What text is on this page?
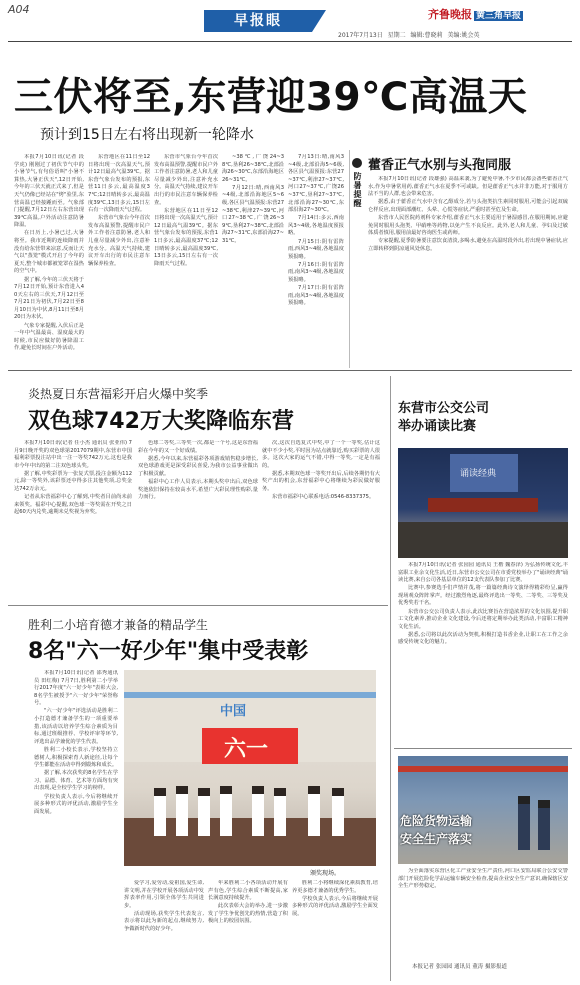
A04
早报眼	齐鲁晚报 黄三角早报
2017年7月13日 星期二 编辑:曹晓莉 美编:姚会英
三伏将至,东营迎39℃高温天
预计到15日左右将出现新一轮降水

本报7月10日讯(记者 段学虎) 刚刚过了初伏节气中的小暑节气,有句俗语叫"小暑不算热,大暑正伏天",12日开始,今年的三伏天就正式来了,但是天气仍像已经站在"烤"验里,东营高温已经接踵而至。气象部门提醒,7月12日左右东营出现39℃高温,户外活动注意防暑降温。

在日历上,小暑已过,大暑将至。我市近期的连续降雨并没有给东营带来凉意,反而让天气以"蒸笼"模式开启了今年的夏天,整个城市都被笼罩在湿热的空气中。

据了解,今年的三伏天将于7月12日开始,预计东营进入40天左右的三伏天,7月12日至7月21日为初伏,7月22日至8月10日为中伏,8月11日至8月20日为末伏。

气象专家提醒,入伏后正是一年中气温最高、湿度最大的时候,市民应做好防暑降温工作,避免长时间在户外活动。

东营地区在11日至12日将出现一次高温天气,预计12日最高气温39℃。据东营气象台发布的预报,东营11日多云,最高温度37℃;12日晴转多云,最高温度39℃,13日多云,15日左右有一次降雨天气过程。

东营市气象台今年首次发布高温预警,提醒市民户外工作者注意防暑,老人和儿童尽量减少外出,注意补充水分。高温天气持续,建议开车出行的市民注意车辆保养检查。

东营市气象台今年首次发布高温预警,提醒市民户外工作者注意防暑,老人和儿童尽量减少外出,注意补充水分。高温天气持续,建议开车出行的市民注意车辆保养检查。

东营地区在11日至12日将出现一次高温天气,预计12日最高气温39℃。据东营气象台发布的预报,东营11日多云,最高温度37℃;12日晴转多云,最高温度39℃,13日多云,15日左右有一次降雨天气过程。

~38℃,广饶24~38℃,垦利26~38℃,北部沿海26~30℃,东部沿海地区26~31℃。

7月12日:晴,西南风3~4级,北部沿海地区5~6级,各区县气温预报:东营27~38℃,利津27~39℃,河口27~38℃,广饶26~39℃,垦利27~38℃,北部沿海27~31℃,东部沿海27~31℃。

7月13日:晴,南风3~4级,北部沿海5~6级,各区县气温预报:东营27~37℃,利津27~37℃,河口27~37℃,广饶26~37℃,垦利27~37℃,北部沿海27~30℃,东部沿海27~30℃。

7月14日:多云,西南风3~4级,各地温度预报略。

7月15日:阴有雷阵雨,西风3~4级,各地温度预报略。

7月16日:阴有雷阵雨,南风3~4级,各地温度预报略。

7月17日:阴有雷阵雨,南风3~4级,各地温度预报略。

防暑提醒
藿香正气水别与头孢同服

本报7月10日讯(记者 段雄强) 高温来袭,为了避免中暑,不少市民都会备些藿香正气水,作为中暑常用药,藿香正气水在夏季不可或缺。但是藿香正气水并非万能,对于服用方法不当的人群,也会带来危害。

据悉,由于藿香正气水中含有乙醇成分,若与头孢类抗生素同时服用,可能会引起双硫仑样反应,出现面部潮红、头晕、心慌等症状,严重时甚至危及生命。

东营市人民医院药剂科专家介绍,藿香正气水主要适用于暑湿感冒,在服用期间,应避免同时服用头孢类、甲硝唑等药物,以免产生不良反应。此外,老人和儿童、孕妇及过敏体质者慎用,服用前最好咨询医生或药师。

专家提醒,夏季防暑要注意饮食清淡,多喝水,避免在高温时段外出,若出现中暑症状,应立即转移到阴凉通风处休息。

炎热夏日东营福彩开启火爆中奖季
双色球742万大奖降临东营

本报7月10日讯(记者 任小杰 通讯员 张亚伟) 7月9日晚开奖的双色球第2017079期中,东营市中国福利彩票投注站中出一注一等奖742万元,这也是我市今年中出的第二注双色球头奖。

据了解,中奖彩票为一张复式票,投注金额为112元,除一等奖外,该彩票还中得多注其他奖项,总奖金达742万余元。

记者从东营福彩中心了解到,中奖者目前尚未前来领奖。福彩中心提醒,双色球一等奖需在开奖之日起60天内兑奖,逾期未兑奖视为弃奖。

色球二等奖,三等奖一次,都是一个号,这是东营福彩在今年的又一个好成绩。

据悉,今年以来,东营福彩各项游戏销售稳步增长,双色球游戏更是深受彩民喜爱,为我市公益事业做出了积极贡献。

福彩中心工作人员表示,本期头奖中出后,双色球奖池依旧保持在较高水平,希望广大彩民理性购彩,量力而行。

次,这次自选复式中奖,中了一个一等奖,估计这就中不少小奖,平时因为站点就靠近,购买彩票的人很多。这次大家的运气不错,中得一等奖,一定是有福的。

据悉,本期双色球一等奖开出后,后续各期仍有大奖产出的机会,东营福彩中心将继续为彩民做好服务。

东营市福彩中心联系电话:0546-8337375。

胜利二小培育德才兼备的精品学生
8名"六一好少年"集中受表彰

本报7月10日讯(记者 邵秀通讯员 田红梅) 7月7日,胜利第二小学举行2017年度"六一好少年"表彰大会,8名学生被授予"六一好少年"荣誉称号。

"六一好少年"评选活动是胜利二小打造德才兼备学生的一项重要举措,该活动以培养学生综合素质为目标,通过班级推荐、学校评审等环节,评选出品学兼优的学生代表。

胜利二小校长表示,学校坚持立德树人,积极探索育人新途径,让每个学生都能在活动中得到锻炼和成长。

据了解,本次获奖的8名学生在学习、品德、体育、艺术等方面均有突出表现,是全校学生学习的榜样。

学校负责人表示,今后将继续开展多种形式的评优活动,激励学生全面发展。

中国
六一
颁奖现场。

爱学习,爱劳动,爱祖国,爱生命,讲文明,并在学校开展各项活动中发挥表率作用,引领全体学生共同进步。

活动现场,获奖学生代表发言,表示将以此为新的起点,继续努力,争做新时代的好少年。

年来胜利二小各项活动开展有声有色,学生综合素质不断提高,家长满意度持续提升。

此次表彰大会的举办,进一步激发了学生争优创先的热情,营造了积极向上的校园氛围。

胜利二小将继续深化素质教育,培养更多德才兼备的优秀学生。

学校负责人表示,今后将继续开展多种形式的评优活动,激励学生全面发展。

东营市公交公司
举办诵读比赛
诵读经典

本报7月10日讯(记者 张园园 通讯员 王楷 魏春泽) 为弘扬传统文化,丰富职工业余文化生活,近日,东营市公交公司在市委党校举办了"诵读经典"诵读比赛,来自公司各基层单位的12支代表队参加了比赛。

比赛中,参赛选手们声情并茂,将一篇篇经典诗文演绎得精彩纷呈,赢得现场观众阵阵掌声。经过激烈角逐,最终评选出一等奖、二等奖、三等奖及优秀奖若干名。

东营市公交公司负责人表示,此次比赛旨在营造浓厚的文化氛围,提升职工文化素养,推动企业文化建设,今后还将定期举办此类活动,丰富职工精神文化生活。

据悉,公司将以此次活动为契机,积极打造书香企业,让职工在工作之余感受传统文化的魅力。

危险货物运输
安全生产落实

为全面落实东营区化工产业安全生产责任,河口区安监局联合公安交警部门开展危险化学品运输车辆安全检查,提高企业安全生产意识,确保辖区安全生产形势稳定。

本报记者 张园园 通讯员 董涛 摄影报道
